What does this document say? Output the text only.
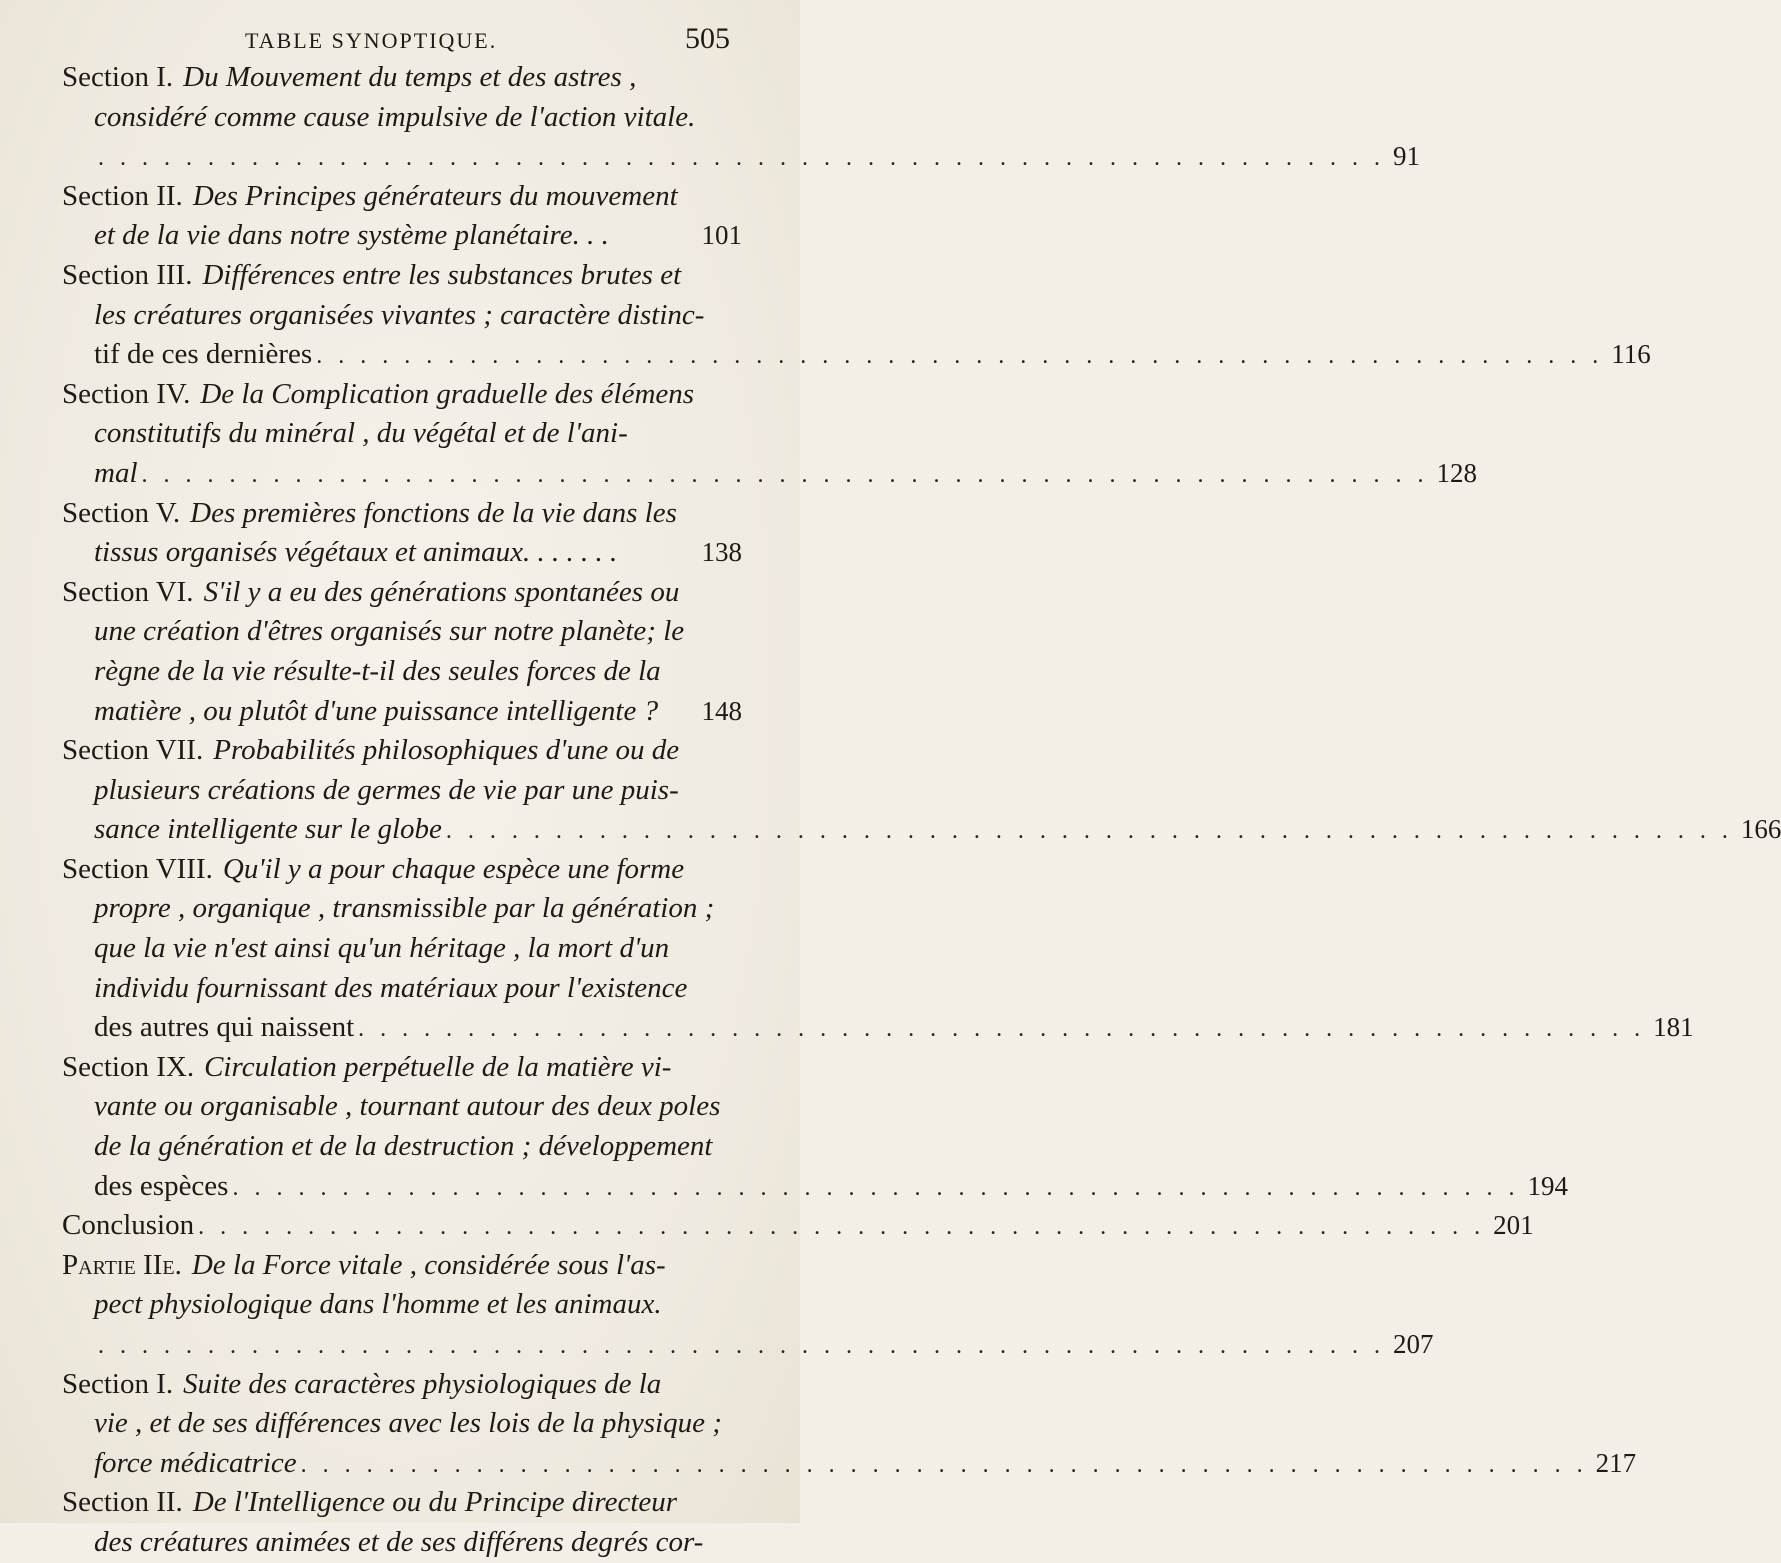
TABLE SYNOPTIQUE.	505
Section I. Du Mouvement du temps et des astres ,
considéré comme cause impulsive de l'action vitale.
. . . . . . . . . . . . . . . . . . . . . . . . . . . . . . . . . . . . . . . . . . . . . . . . . . . . . . . . . . . 91
Section II. Des Principes générateurs du mouvement
et de la vie dans notre système planétaire. . .	101
Section III. Différences entre les substances brutes et
les créatures organisées vivantes ; caractère distinc-
tif de ces dernières . . . . . . . . . . . . . . . . . . . . . . . . . . . . . . . . . . . . . . . . . . . . . . . . . . . . . . . . . . . 116
Section IV. De la Complication graduelle des élémens
constitutifs du minéral , du végétal et de l'ani-
mal . . . . . . . . . . . . . . . . . . . . . . . . . . . . . . . . . . . . . . . . . . . . . . . . . . . . . . . . . . . 128
Section V. Des premières fonctions de la vie dans les
tissus organisés végétaux et animaux. . . . . . .	138
Section VI. S'il y a eu des générations spontanées ou
une création d'êtres organisés sur notre planète; le
règne de la vie résulte-t-il des seules forces de la
matière , ou plutôt d'une puissance intelligente ? 148
Section VII. Probabilités philosophiques d'une ou de
plusieurs créations de germes de vie par une puis-
sance intelligente sur le globe . . . . . . . . . . . . . . . . . . . . . . . . . . . . . . . . . . . . . . . . . . . . . . . . . . . . . . . . . . . 166
Section VIII. Qu'il y a pour chaque espèce une forme
propre , organique , transmissible par la génération ;
que la vie n'est ainsi qu'un héritage , la mort d'un
individu fournissant des matériaux pour l'existence
des autres qui naissent . . . . . . . . . . . . . . . . . . . . . . . . . . . . . . . . . . . . . . . . . . . . . . . . . . . . . . . . . . . 181
Section IX. Circulation perpétuelle de la matière vi-
vante ou organisable , tournant autour des deux poles
de la génération et de la destruction ; développement
des espèces . . . . . . . . . . . . . . . . . . . . . . . . . . . . . . . . . . . . . . . . . . . . . . . . . . . . . . . . . . . 194
Conclusion . . . . . . . . . . . . . . . . . . . . . . . . . . . . . . . . . . . . . . . . . . . . . . . . . . . . . . . . . . . 201
Partie IIe. De la Force vitale , considérée sous l'as-
pect physiologique dans l'homme et les animaux.
. . . . . . . . . . . . . . . . . . . . . . . . . . . . . . . . . . . . . . . . . . . . . . . . . . . . . . . . . . . 207
Section I. Suite des caractères physiologiques de la
vie , et de ses différences avec les lois de la physique ;
force médicatrice . . . . . . . . . . . . . . . . . . . . . . . . . . . . . . . . . . . . . . . . . . . . . . . . . . . . . . . . . . . 217
Section II. De l'Intelligence ou du Principe directeur
des créatures animées et de ses différens degrés cor-
